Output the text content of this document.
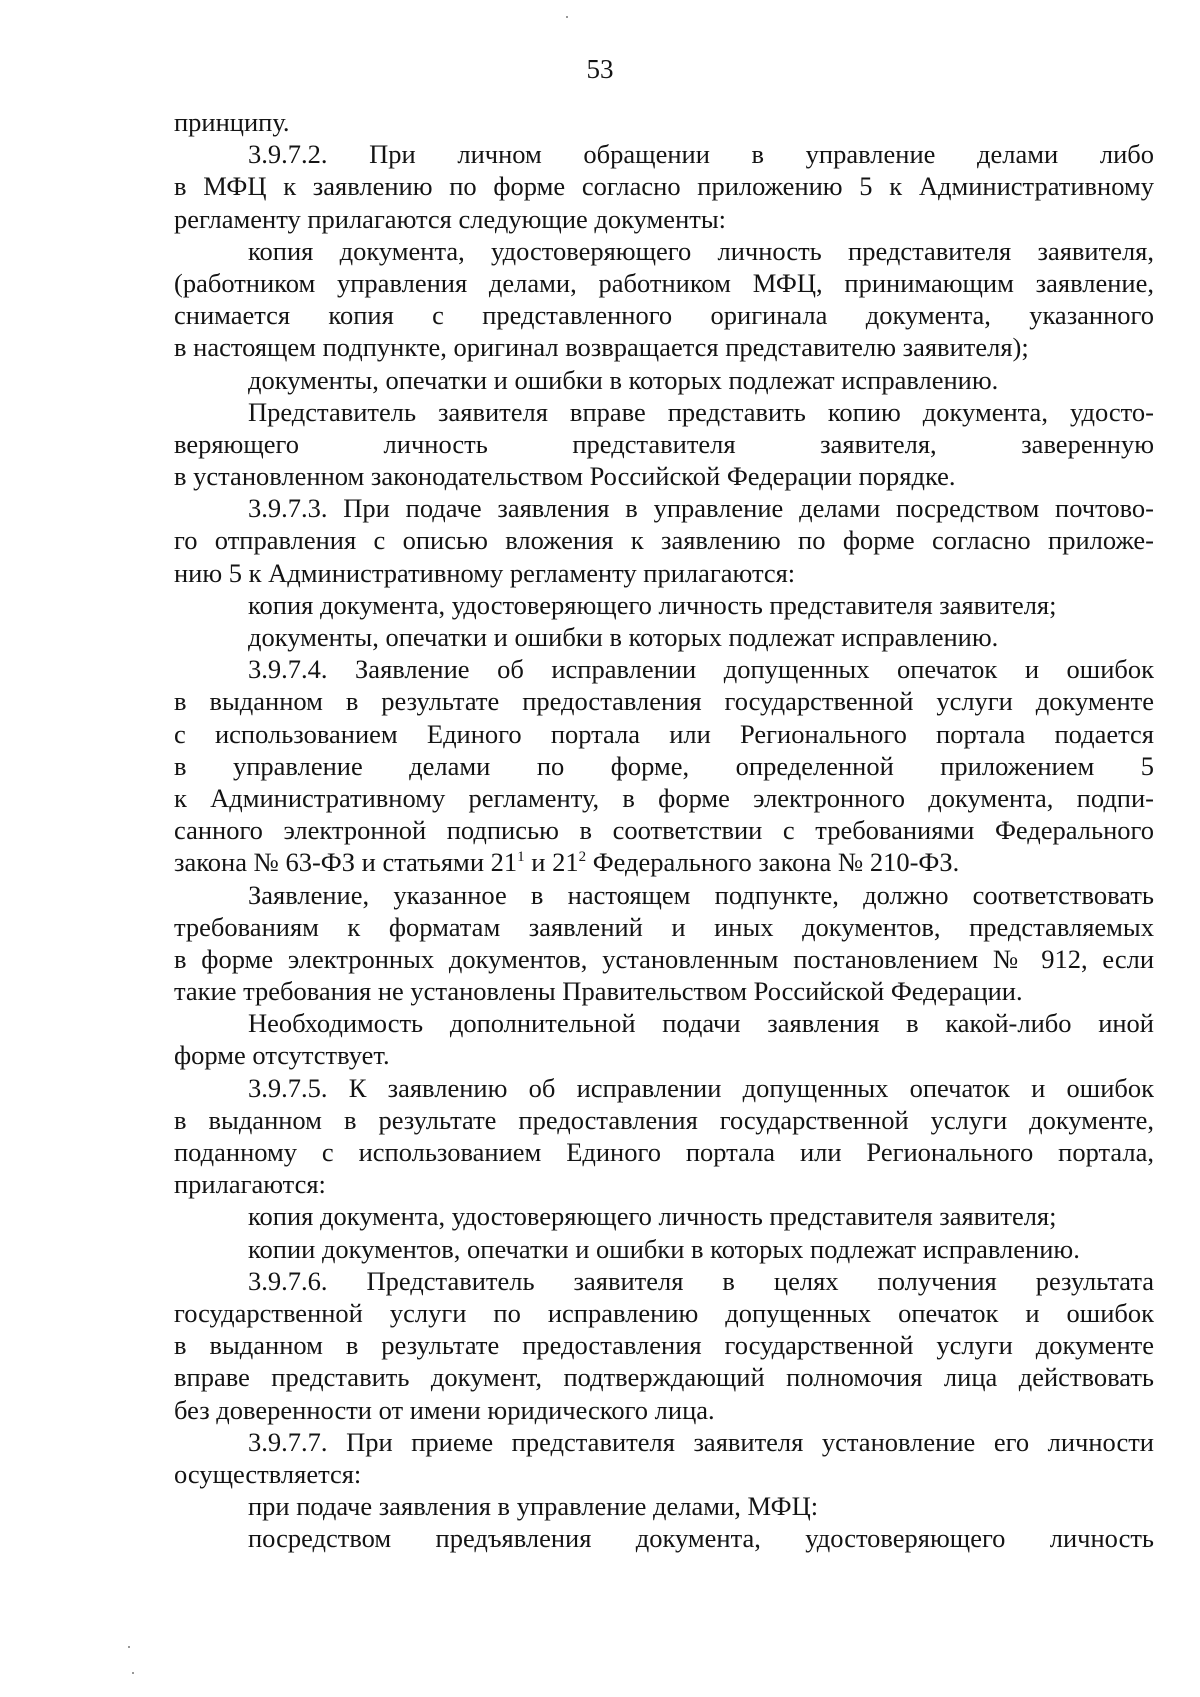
53
принципу.
3.9.7.2. При личном обращении в управление делами либо
в МФЦ к заявлению по форме согласно приложению 5 к Административному
регламенту прилагаются следующие документы:
копия документа, удостоверяющего личность представителя заявителя,
(работником управления делами, работником МФЦ, принимающим заявление,
снимается копия с представленного оригинала документа, указанного
в настоящем подпункте, оригинал возвращается представителю заявителя);
документы, опечатки и ошибки в которых подлежат исправлению.
Представитель заявителя вправе представить копию документа, удосто-
веряющего личность представителя заявителя, заверенную
в установленном законодательством Российской Федерации порядке.
3.9.7.3. При подаче заявления в управление делами посредством почтово-
го отправления с описью вложения к заявлению по форме согласно приложе-
нию 5 к Административному регламенту прилагаются:
копия документа, удостоверяющего личность представителя заявителя;
документы, опечатки и ошибки в которых подлежат исправлению.
3.9.7.4. Заявление об исправлении допущенных опечаток и ошибок
в выданном в результате предоставления государственной услуги документе
с использованием Единого портала или Регионального портала подается
в управление делами по форме, определенной приложением 5
к Административному регламенту, в форме электронного документа, подпи-
санного электронной подписью в соответствии с требованиями Федерального
закона № 63-ФЗ и статьями $21^1$ и $21^2$ Федерального закона № 210-ФЗ.
Заявление, указанное в настоящем подпункте, должно соответствовать
требованиям к форматам заявлений и иных документов, представляемых
в форме электронных документов, установленным постановлением № 912, если
такие требования не установлены Правительством Российской Федерации.
Необходимость дополнительной подачи заявления в какой-либо иной
форме отсутствует.
3.9.7.5. К заявлению об исправлении допущенных опечаток и ошибок
в выданном в результате предоставления государственной услуги документе,
поданному с использованием Единого портала или Регионального портала,
прилагаются:
копия документа, удостоверяющего личность представителя заявителя;
копии документов, опечатки и ошибки в которых подлежат исправлению.
3.9.7.6. Представитель заявителя в целях получения результата
государственной услуги по исправлению допущенных опечаток и ошибок
в выданном в результате предоставления государственной услуги документе
вправе представить документ, подтверждающий полномочия лица действовать
без доверенности от имени юридического лица.
3.9.7.7. При приеме представителя заявителя установление его личности
осуществляется:
при подаче заявления в управление делами, МФЦ:
посредством предъявления документа, удостоверяющего личность
